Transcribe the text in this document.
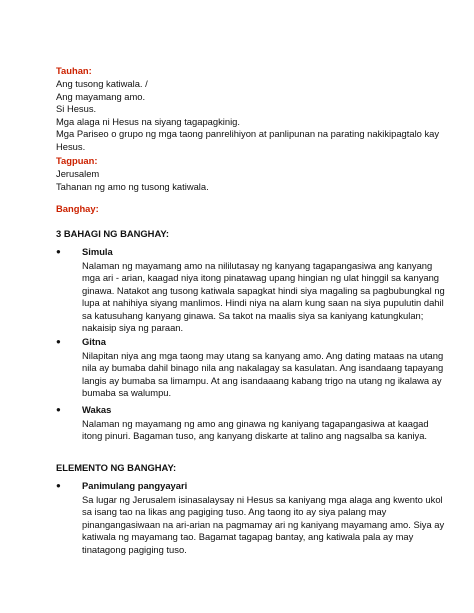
Tauhan:
Ang tusong katiwala. /
Ang mayamang amo.
Si Hesus.
Mga alaga ni Hesus na siyang tagapagkinig.
Mga Pariseo o grupo ng mga taong panrelihiyon at panlipunan na parating nakikipagtalo kay
Hesus.
Tagpuan:
Jerusalem
Tahanan ng amo ng tusong katiwala.
Banghay:
3 BAHAGI NG BANGHAY:
● Simula
Nalaman ng mayamang amo na nililutasay ng kanyang tagapangasiwa ang kanyang
mga ari - arian, kaagad niya itong pinatawag upang hingian ng ulat hinggil sa kanyang
ginawa. Natakot ang tusong katiwala sapagkat hindi siya magaling sa pagbubungkal ng
lupa at nahihiya siyang manlimos. Hindi niya na alam kung saan na siya pupulutin dahil
sa katusuhang kanyang ginawa. Sa takot na maalis siya sa kaniyang katungkulan;
nakaisip siya ng paraan.
● Gitna
Nilapitan niya ang mga taong may utang sa kanyang amo. Ang dating mataas na utang
nila ay bumaba dahil binago nila ang nakalagay sa kasulatan. Ang isandaang tapayang
langis ay bumaba sa limampu. At ang isandaaang kabang trigo na utang ng ikalawa ay
bumaba sa walumpu.
● Wakas
Nalaman ng mayamang ng amo ang ginawa ng kaniyang tagapangasiwa at kaagad
itong pinuri. Bagaman tuso, ang kanyang diskarte at talino ang nagsalba sa kaniya.
ELEMENTO NG BANGHAY:
● Panimulang pangyayari
Sa lugar ng Jerusalem isinasalaysay ni Hesus sa kaniyang mga alaga ang kwento ukol
sa isang tao na likas ang pagiging tuso. Ang taong ito ay siya palang may
pinangangasiwaan na ari-arian na pagmamay ari ng kaniyang mayamang amo. Siya ay
katiwala ng mayamang tao. Bagamat tagapag bantay, ang katiwala pala ay may
tinatagong pagiging tuso.
